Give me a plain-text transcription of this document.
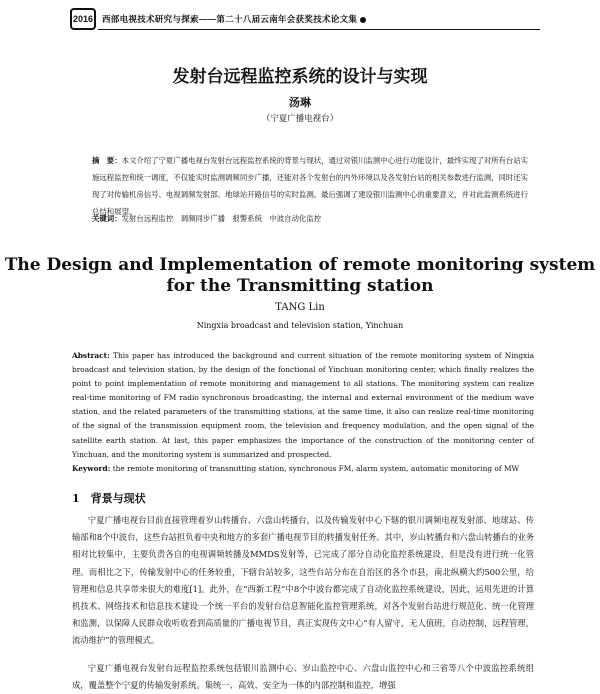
2016	西部电视技术研究与探索——第二十八届云南年会获奖技术论文集
发射台远程监控系统的设计与实现
汤琳
（宁夏广播电视台）
摘　要：本文介绍了宁夏广播电视台发射台远程监控系统的背景与现状，通过对银川监测中心进行功能设计，最终实现了对所有台站实施远程监控和统一调度，不仅能实时监测调频同步广播，还能对各个发射台的内外环境以及各发射台站的相关参数进行监测，同时还实现了对传输机房信号、电视调频发射部、地球站开路信号的实时监测。最后强调了建设银川监测中心的重要意义，并对此监测系统进行总结和展望。
关键词：发射台远程监控　调频同步广播　报警系统　中波自动化监控
The Design and Implementation of remote monitoring system
for the Transmitting station
TANG Lin
Ningxia broadcast and television station, Yinchuan
Abstract: This paper has introduced the background and current situation of the remote monitoring system of Ningxia broadcast and television station, by the design of the fonctional of Yinchuan monitoring center, which finally realizes the point to point implementation of remote monitoring and management to all stations. The monitoring system can realize real-time monitoring of FM radio synchronous broadcasting, the internal and external environment of the medium wave station, and the related parameters of the transmitting stations, at the same time, it also can realize real-time monitoring of the signal of the transmission equipment room, the television and frequency modulation, and the open signal of the satellite earth station. At last, this paper emphasizes the importance of the construction of the monitoring center of Yinchuan, and the monitoring system is summarized and prospected.
Keyword: the remote monitoring of transmitting station, synchronous FM, alarm system, automatic monitoring of MW
1　背景与现状
宁夏广播电视台目前直接管理着岁山转播台、六盘山转播台，以及传输发射中心下辖的银川调频电视发射部、地球站、传输部和8个中波台，这些台站担负着中央和地方的多套广播电视节目的转播发射任务。其中，岁山转播台和六盘山转播台的业务相对比较集中，主要负责各自的电视调频转播及MMDS发射等，已完成了部分自动化监控系统建设，但是没有进行统一化管理。而相比之下，传输发射中心的任务较重，下辖台站较多，这些台站分布在自治区的各个市县，南北纵横大约500公里，给管理和信息共享带来很大的难度[1]。此外，在“西新工程”中8个中波台都完成了自动化监控系统建设，因此，运用先进的计算机技术、网络技术和信息技术建设一个统一平台的发射台信息智能化监控管理系统，对各个发射台站进行规范化、统一化管理和监测，以保障人民群众收听收看到高质量的广播电视节目，真正实现传文中心“有人留守，无人值班，自动控制，远程管理，流动维护”的管理模式。
宁夏广播电视台发射台远程监控系统包括银川监测中心、岁山监控中心、六盘山监控中心和三省等八个中波监控系统组成，覆盖整个宁夏的传输发射系统。集统一、高效、安全为一体的内部控制和监控，增强
